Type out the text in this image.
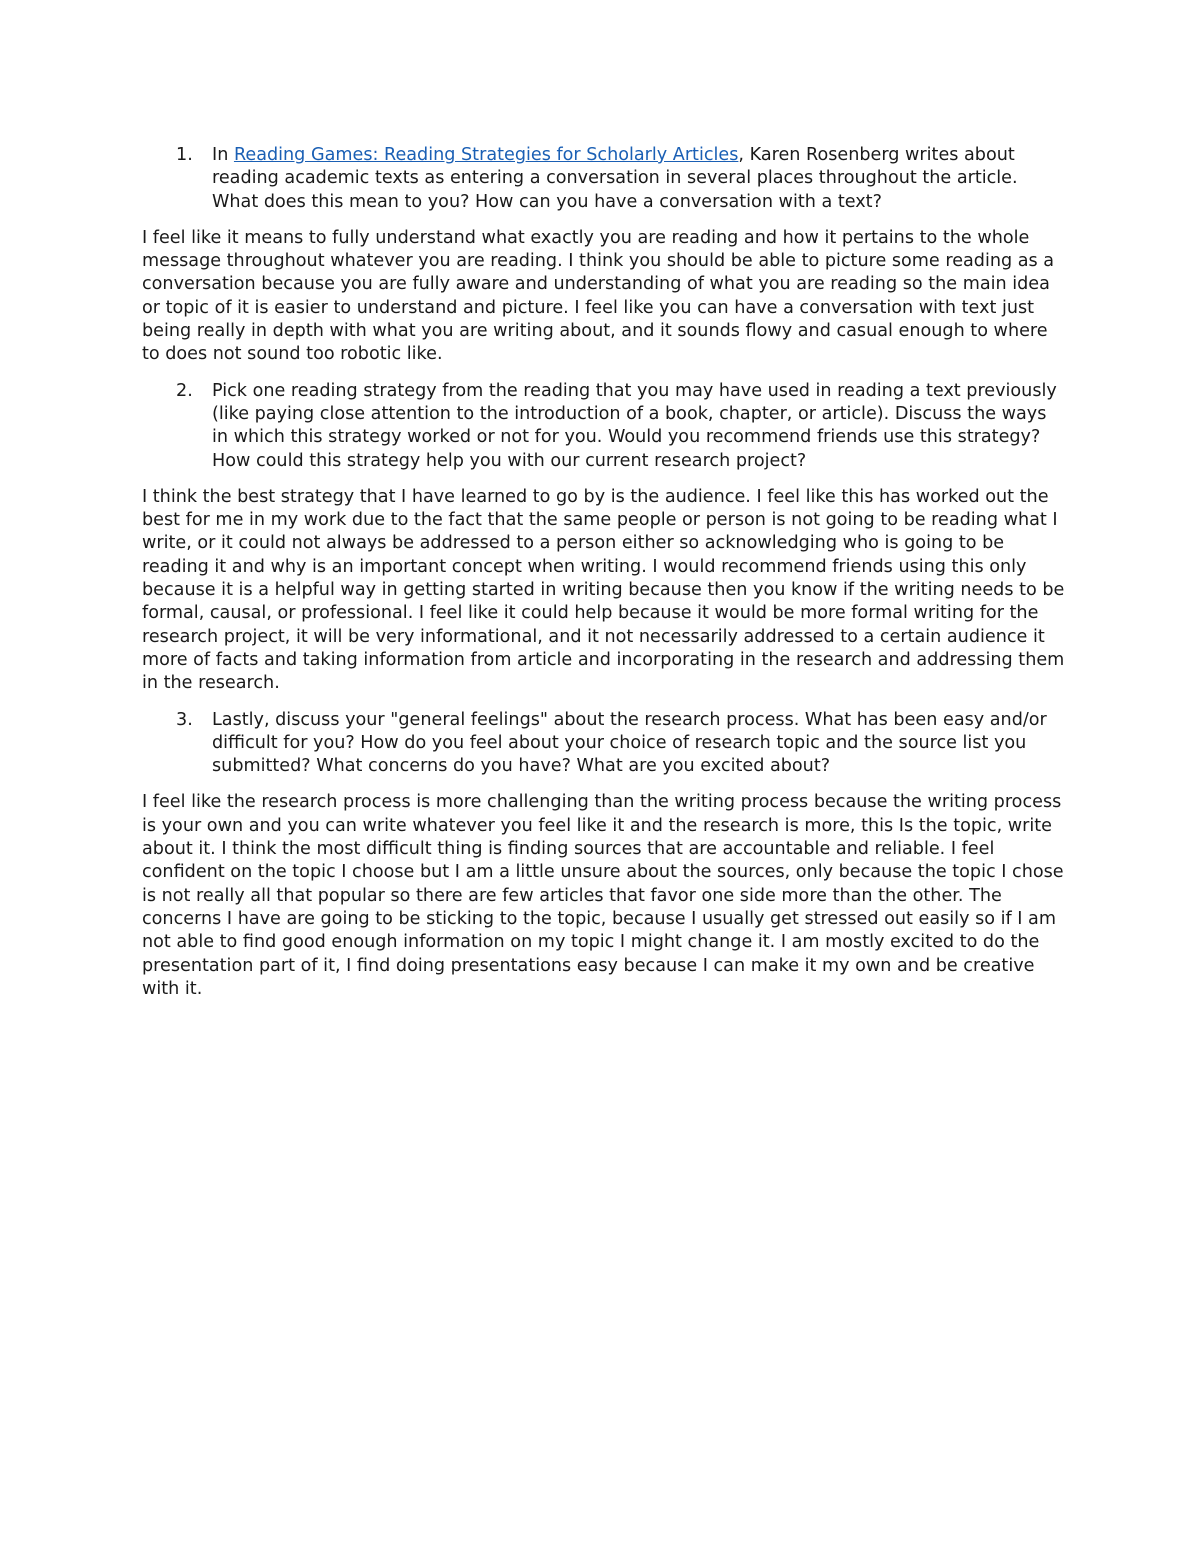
1. In Reading Games: Reading Strategies for Scholarly Articles, Karen Rosenberg writes about reading academic texts as entering a conversation in several places throughout the article. What does this mean to you? How can you have a conversation with a text?

I feel like it means to fully understand what exactly you are reading and how it pertains to the whole message throughout whatever you are reading. I think you should be able to picture some reading as a conversation because you are fully aware and understanding of what you are reading so the main idea or topic of it is easier to understand and picture. I feel like you can have a conversation with text just being really in depth with what you are writing about, and it sounds flowy and casual enough to where to does not sound too robotic like.

2. Pick one reading strategy from the reading that you may have used in reading a text previously (like paying close attention to the introduction of a book, chapter, or article). Discuss the ways in which this strategy worked or not for you. Would you recommend friends use this strategy? How could this strategy help you with our current research project?

I think the best strategy that I have learned to go by is the audience. I feel like this has worked out the best for me in my work due to the fact that the same people or person is not going to be reading what I write, or it could not always be addressed to a person either so acknowledging who is going to be reading it and why is an important concept when writing. I would recommend friends using this only because it is a helpful way in getting started in writing because then you know if the writing needs to be formal, causal, or professional. I feel like it could help because it would be more formal writing for the research project, it will be very informational, and it not necessarily addressed to a certain audience it more of facts and taking information from article and incorporating in the research and addressing them in the research.

3. Lastly, discuss your "general feelings" about the research process. What has been easy and/or difficult for you? How do you feel about your choice of research topic and the source list you submitted? What concerns do you have? What are you excited about?

I feel like the research process is more challenging than the writing process because the writing process is your own and you can write whatever you feel like it and the research is more, this Is the topic, write about it. I think the most difficult thing is finding sources that are accountable and reliable. I feel confident on the topic I choose but I am a little unsure about the sources, only because the topic I chose is not really all that popular so there are few articles that favor one side more than the other. The concerns I have are going to be sticking to the topic, because I usually get stressed out easily so if I am not able to find good enough information on my topic I might change it. I am mostly excited to do the presentation part of it, I find doing presentations easy because I can make it my own and be creative with it.
